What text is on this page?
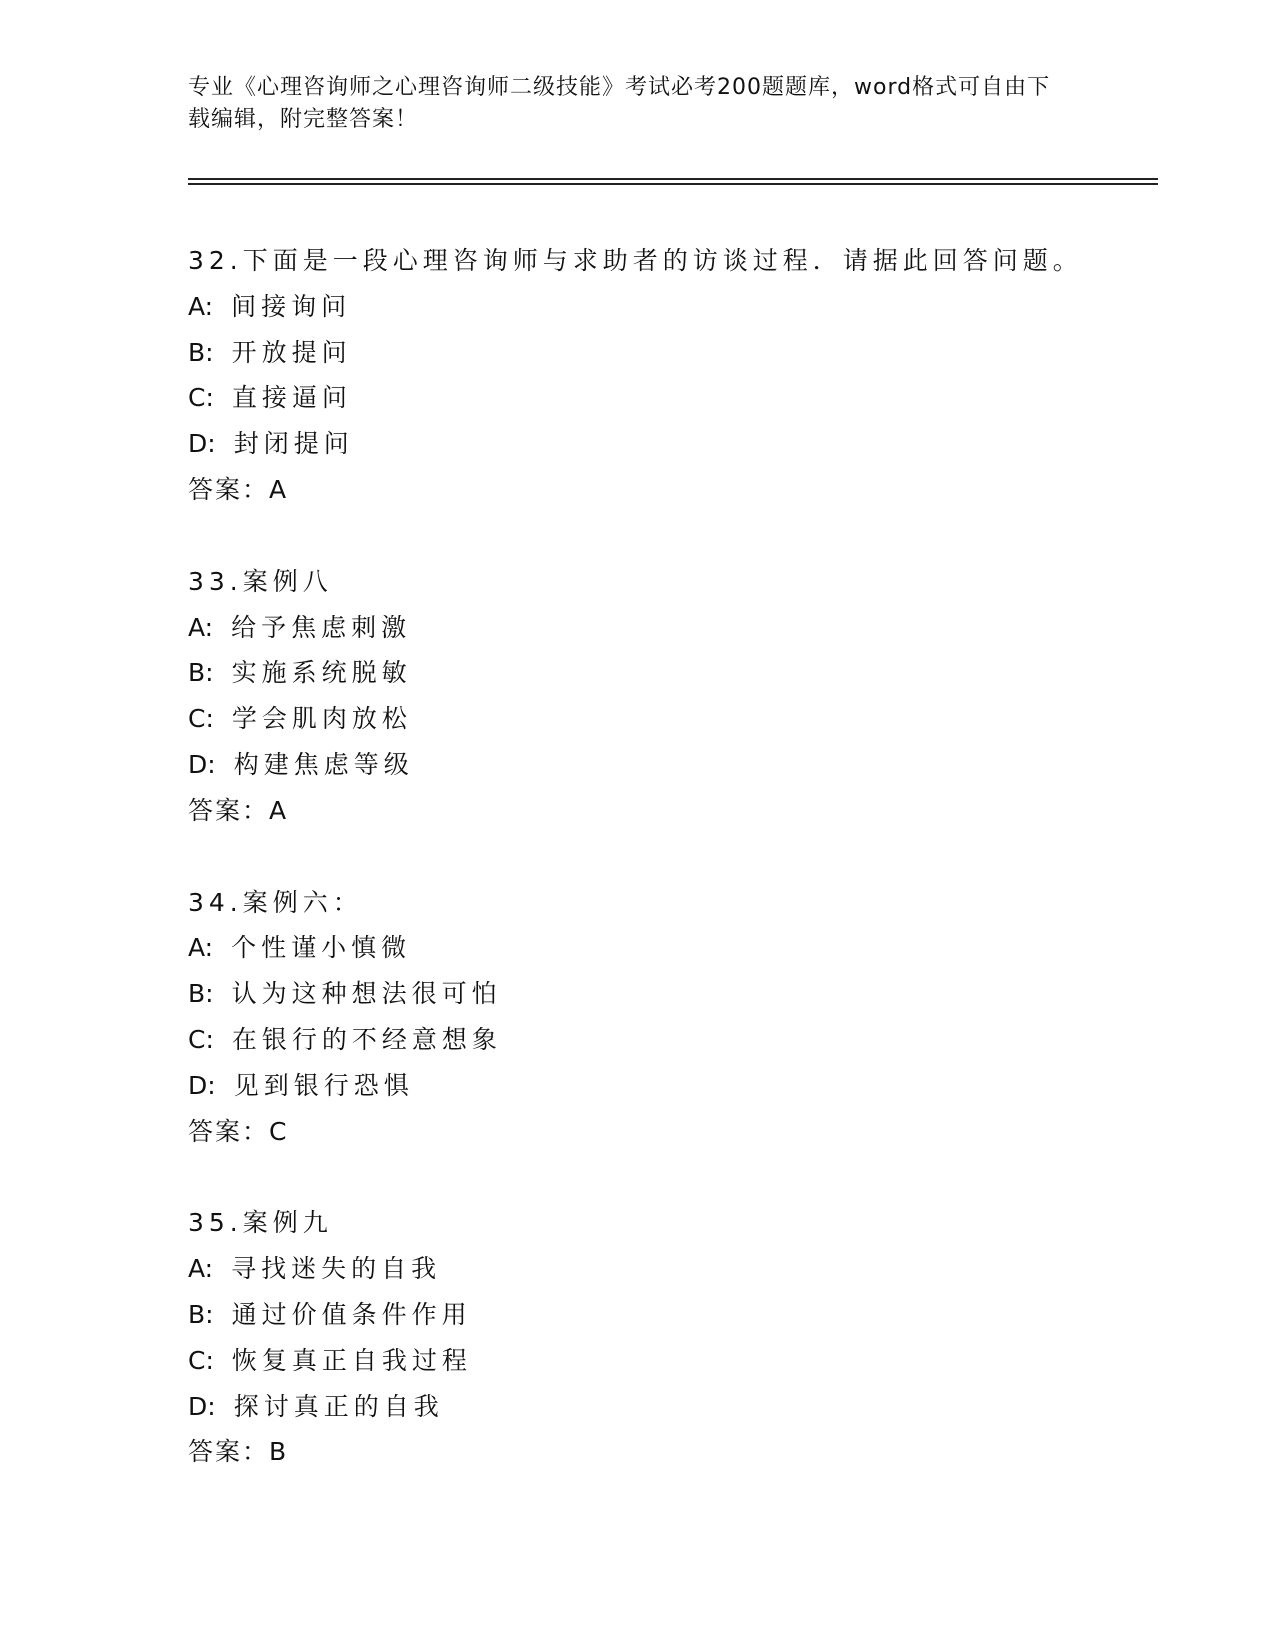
专业《心理咨询师之心理咨询师二级技能》考试必考200题题库，word格式可自由下载编辑，附完整答案！
32.下面是一段心理咨询师与求助者的访谈过程．请据此回答问题。
A: 间接询问
B: 开放提问
C: 直接逼问
D: 封闭提问
答案：A
33.案例八
A: 给予焦虑刺激
B: 实施系统脱敏
C: 学会肌肉放松
D: 构建焦虑等级
答案：A
34.案例六：
A: 个性谨小慎微
B: 认为这种想法很可怕
C: 在银行的不经意想象
D: 见到银行恐惧
答案：C
35.案例九
A: 寻找迷失的自我
B: 通过价值条件作用
C: 恢复真正自我过程
D: 探讨真正的自我
答案：B
